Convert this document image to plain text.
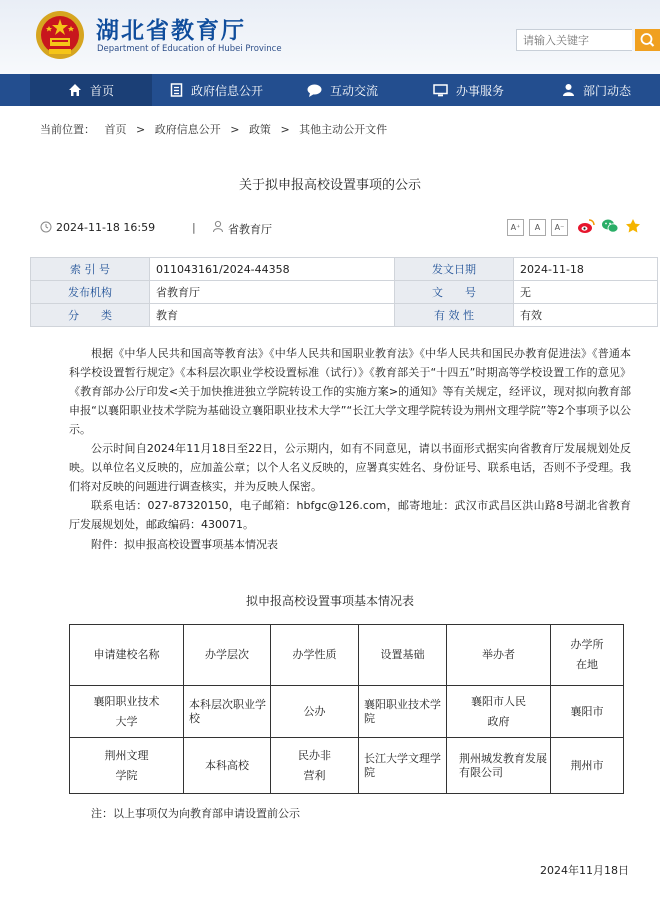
湖北省教育厅
Department of Education of Hubei Province
请输入关键字
首页	政府信息公开	互动交流	办事服务	部门动态
当前位置： 首页 > 政府信息公开 > 政策 > 其他主动公开文件
关于拟申报高校设置事项的公示
2024-11-18 16:59	|	省教育厅	A⁺	A	A⁻
索 引 号	011043161/2024-44358	发文日期	2024-11-18
发布机构	省教育厅	文　　号	无
分　　类	教育	有 效 性	有效

根据《中华人民共和国高等教育法》《中华人民共和国职业教育法》《中华人民共和国民办教育促进法》《普通本科学校设置暂行规定》《本科层次职业学校设置标准（试行）》《教育部关于“十四五”时期高等学校设置工作的意见》《教育部办公厅印发<关于加快推进独立学院转设工作的实施方案>的通知》等有关规定，经评议，现对拟向教育部申报“以襄阳职业技术学院为基础设立襄阳职业技术大学”“长江大学文理学院转设为荆州文理学院”等2个事项予以公示。

公示时间自2024年11月18日至22日，公示期内，如有不同意见，请以书面形式据实向省教育厅发展规划处反映。以单位名义反映的，应加盖公章；以个人名义反映的，应署真实姓名、身份证号、联系电话，否则不予受理。我们将对反映的问题进行调查核实，并为反映人保密。

联系电话：027-87320150，电子邮箱：hbfgc@126.com，邮寄地址：武汉市武昌区洪山路8号湖北省教育厅发展规划处，邮政编码：430071。

附件：拟申报高校设置事项基本情况表
拟申报高校设置事项基本情况表
申请建校名称	办学层次	办学性质	设置基础	举办者	办学所在地
襄阳职业技术大学	本科层次职业学校	公办	襄阳职业技术学院	襄阳市人民政府	襄阳市
荆州文理学院	本科高校	民办非营利	长江大学文理学院	荆州城发教育发展有限公司	荆州市
注：以上事项仅为向教育部申请设置前公示
2024年11月18日
